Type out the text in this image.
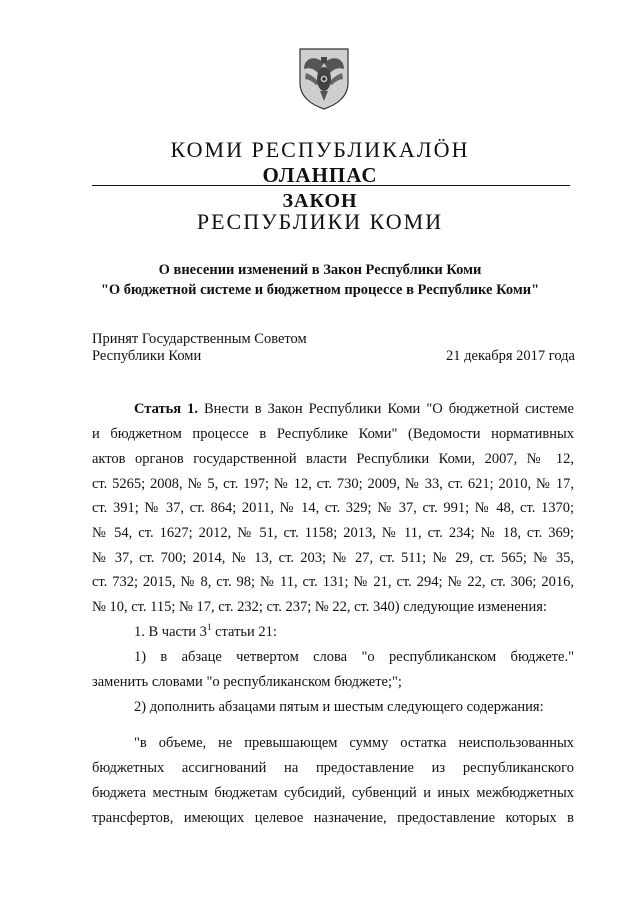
КОМИ РЕСПУБЛИКАЛÖН
ОЛАНПАС
ЗАКОН
РЕСПУБЛИКИ КОМИ
О внесении изменений в Закон Республики Коми
"О бюджетной системе и бюджетном процессе в Республике Коми"
Принят Государственным Советом
Республики Коми	21 декабря 2017 года
Статья 1. Внести в Закон Республики Коми "О бюджетной системе
и бюджетном процессе в Республике Коми" (Ведомости нормативных
актов органов государственной власти Республики Коми, 2007, № 12,
ст. 5265; 2008, № 5, ст. 197; № 12, ст. 730; 2009, № 33, ст. 621; 2010, № 17,
ст. 391; № 37, ст. 864; 2011, № 14, ст. 329; № 37, ст. 991; № 48, ст. 1370;
№ 54, ст. 1627; 2012, № 51, ст. 1158; 2013, № 11, ст. 234; № 18, ст. 369;
№ 37, ст. 700; 2014, № 13, ст. 203; № 27, ст. 511; № 29, ст. 565; № 35,
ст. 732; 2015, № 8, ст. 98; № 11, ст. 131; № 21, ст. 294; № 22, ст. 306; 2016,
№ 10, ст. 115; № 17, ст. 232; ст. 237; № 22, ст. 340) следующие изменения:
1. В части $3^1$ статьи 21:
1) в абзаце четвертом слова "о республиканском бюджете."
заменить словами "о республиканском бюджете;";
2) дополнить абзацами пятым и шестым следующего содержания:
"в объеме, не превышающем сумму остатка неиспользованных
бюджетных ассигнований на предоставление из республиканского
бюджета местным бюджетам субсидий, субвенций и иных межбюджетных
трансфертов, имеющих целевое назначение, предоставление которых в
